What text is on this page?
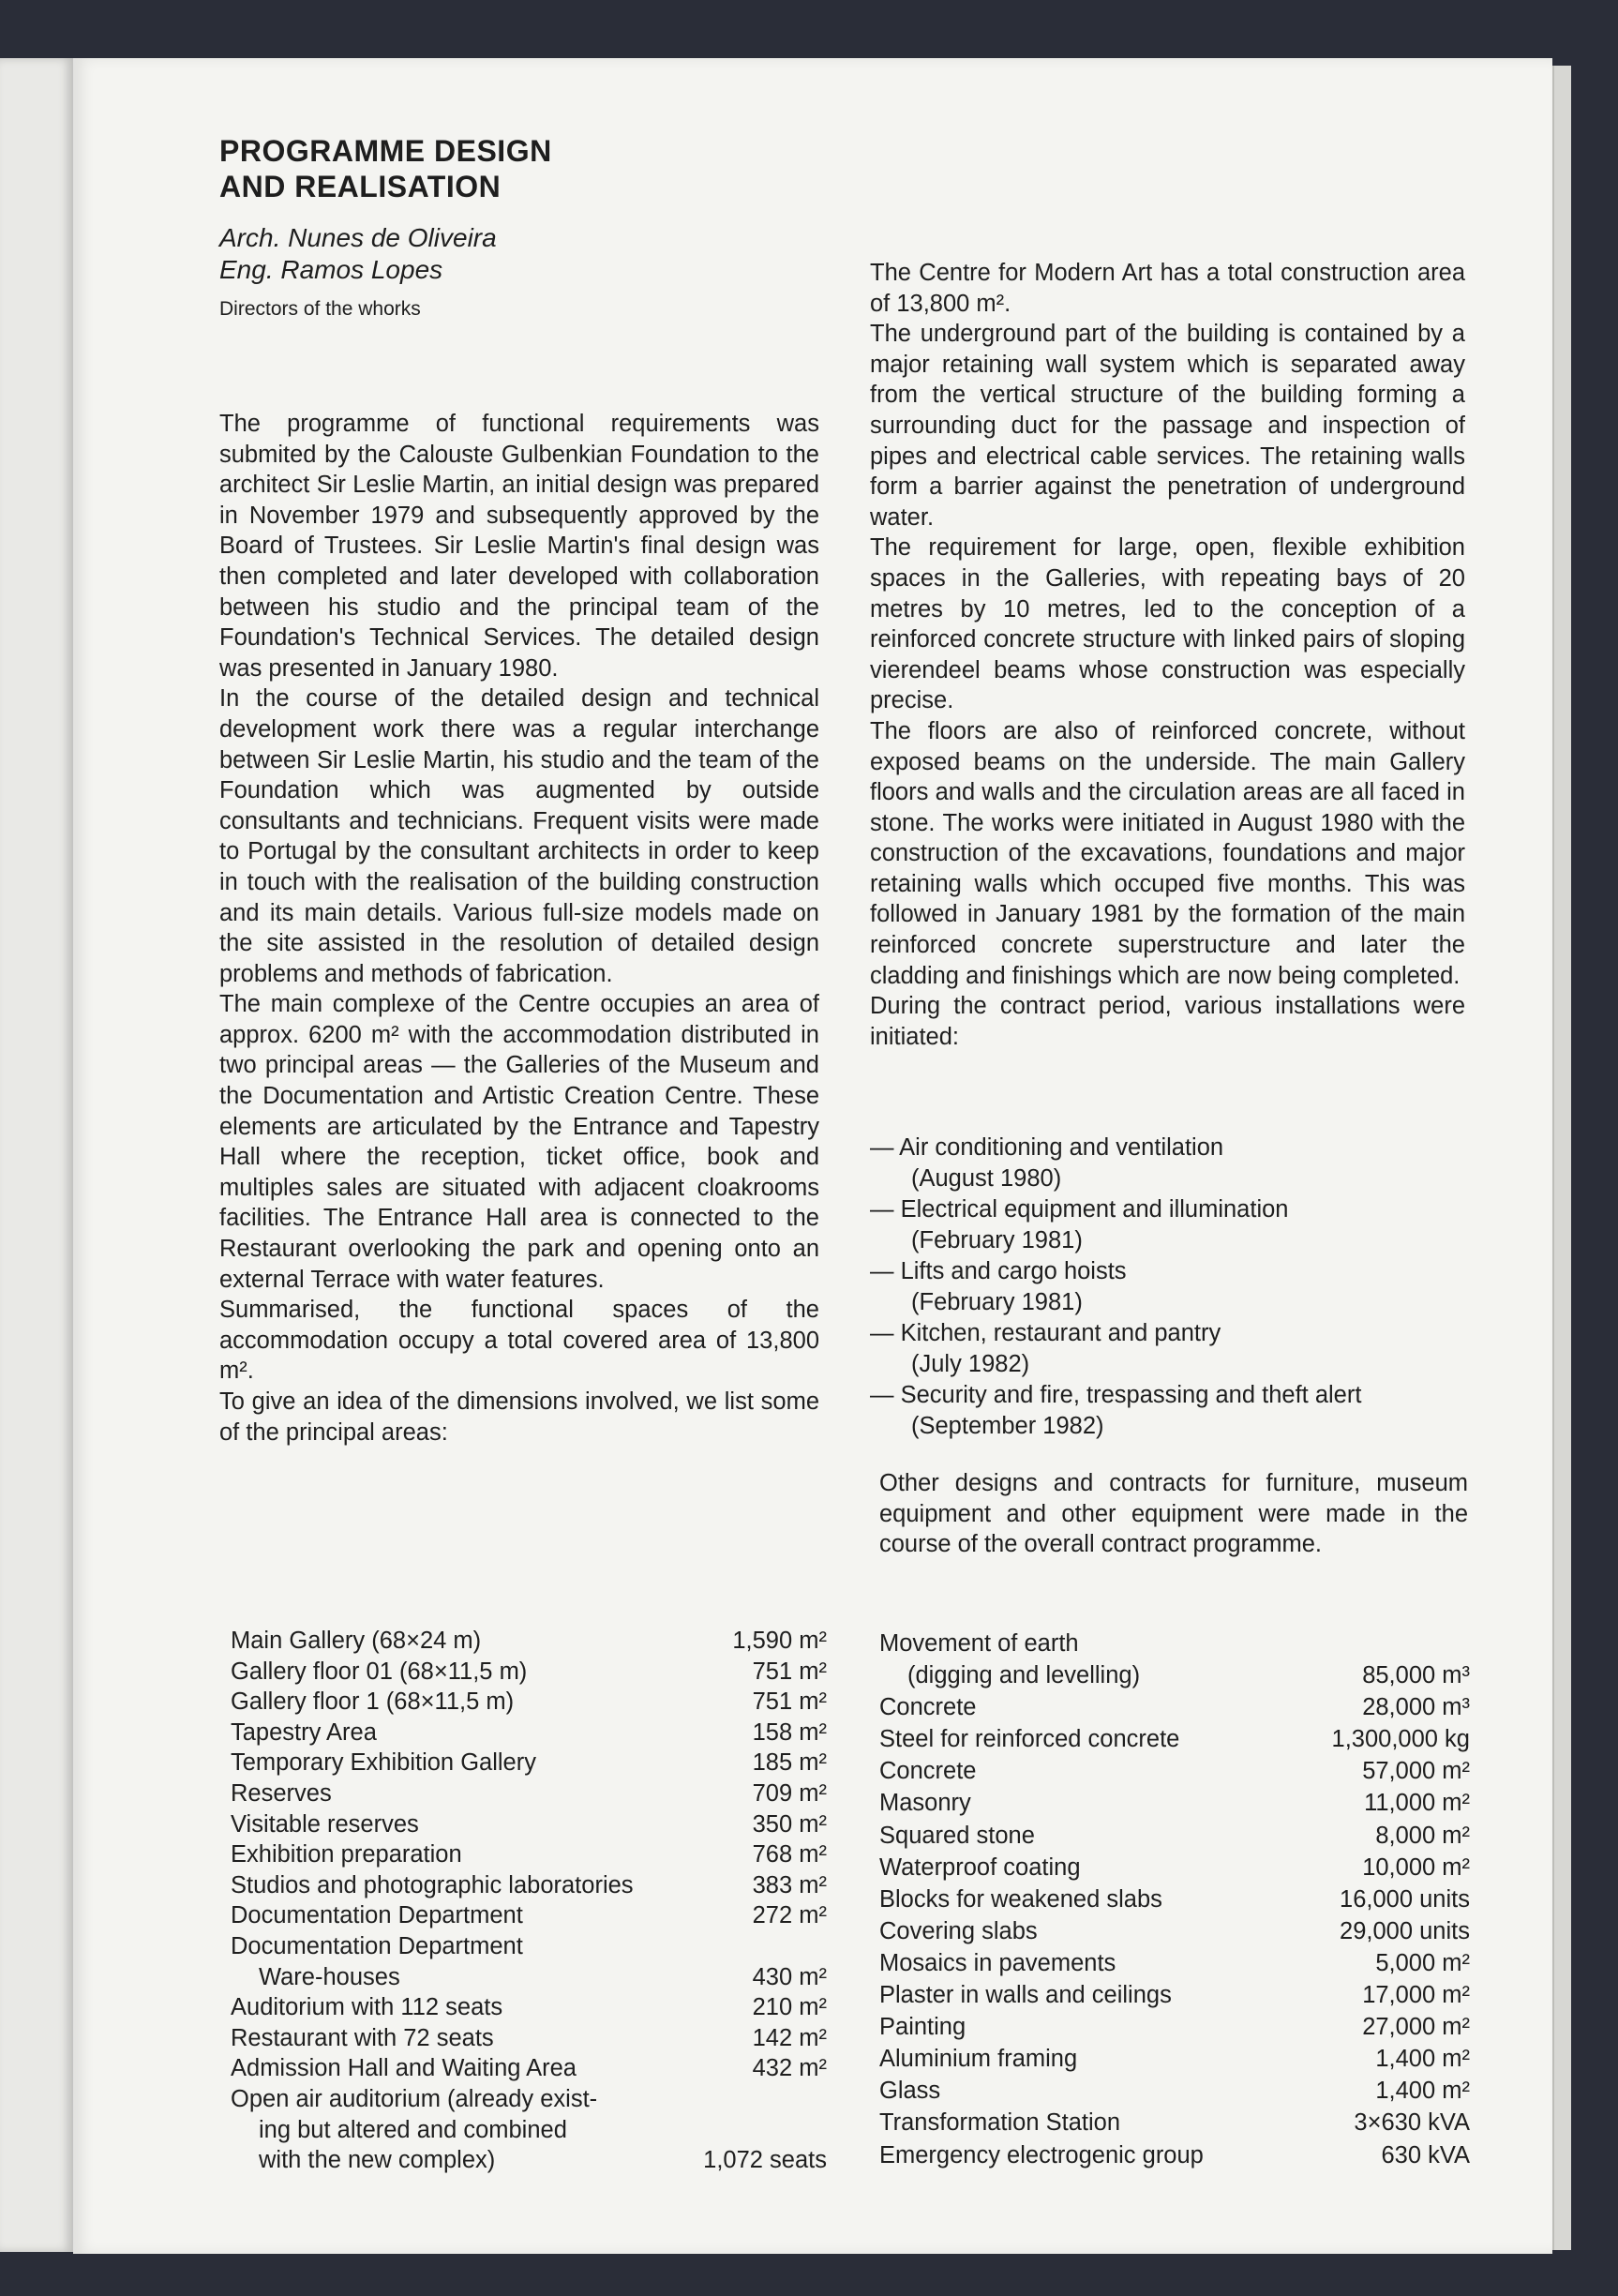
PROGRAMME DESIGN
AND REALISATION
Arch. Nunes de Oliveira
Eng. Ramos Lopes
Directors of the whorks

The programme of functional requirements was submited by the Calouste Gulbenkian Foundation to the architect Sir Leslie Martin, an initial design was prepared in November 1979 and subsequently approved by the Board of Trustees. Sir Leslie Martin's final design was then completed and later developed with collaboration between his studio and the principal team of the Foundation's Technical Services. The detailed design was presented in January 1980.

In the course of the detailed design and technical development work there was a regular interchange between Sir Leslie Martin, his studio and the team of the Foundation which was augmented by outside consultants and technicians. Frequent visits were made to Portugal by the consultant architects in order to keep in touch with the realisation of the building construction and its main details. Various full-size models made on the site assisted in the resolution of detailed design problems and methods of fabrication.

The main complexe of the Centre occupies an area of approx. 6200 m² with the accommodation distributed in two principal areas — the Galleries of the Museum and the Documentation and Artistic Creation Centre. These elements are articulated by the Entrance and Tapestry Hall where the reception, ticket office, book and multiples sales are situated with adjacent cloakrooms facilities. The Entrance Hall area is connected to the Restaurant overlooking the park and opening onto an external Terrace with water features.

Summarised, the functional spaces of the accommodation occupy a total covered area of 13,800 m².

To give an idea of the dimensions involved, we list some of the principal areas:

The Centre for Modern Art has a total construction area of 13,800 m².

The underground part of the building is contained by a major retaining wall system which is separated away from the vertical structure of the building forming a surrounding duct for the passage and inspection of pipes and electrical cable services. The retaining walls form a barrier against the penetration of underground water.

The requirement for large, open, flexible exhibition spaces in the Galleries, with repeating bays of 20 metres by 10 metres, led to the conception of a reinforced concrete structure with linked pairs of sloping vierendeel beams whose construction was especially precise.

The floors are also of reinforced concrete, without exposed beams on the underside. The main Gallery floors and walls and the circulation areas are all faced in stone. The works were initiated in August 1980 with the construction of the excavations, foundations and major retaining walls which occuped five months. This was followed in January 1981 by the formation of the main reinforced concrete superstructure and later the cladding and finishings which are now being completed.

During the contract period, various installations were initiated:

— Air conditioning and ventilation
(August 1980)
— Electrical equipment and illumination
(February 1981)
— Lifts and cargo hoists
(February 1981)
— Kitchen, restaurant and pantry
(July 1982)
— Security and fire, trespassing and theft alert
(September 1982)
Other designs and contracts for furniture, museum equipment and other equipment were made in the course of the overall contract programme.
Main Gallery (68×24 m)	1,590 m²
Gallery floor 01 (68×11,5 m)	751 m²
Gallery floor 1 (68×11,5 m)	751 m²
Tapestry Area	158 m²
Temporary Exhibition Gallery	185 m²
Reserves	709 m²
Visitable reserves	350 m²
Exhibition preparation	768 m²
Studios and photographic laboratories	383 m²
Documentation Department	272 m²
Documentation Department
Ware-houses	430 m²
Auditorium with 112 seats	210 m²
Restaurant with 72 seats	142 m²
Admission Hall and Waiting Area	432 m²
Open air auditorium (already exist-
ing but altered and combined
with the new complex)	1,072 seats
Movement of earth
(digging and levelling)	85,000 m³
Concrete	28,000 m³
Steel for reinforced concrete	1,300,000 kg
Concrete	57,000 m²
Masonry	11,000 m²
Squared stone	8,000 m²
Waterproof coating	10,000 m²
Blocks for weakened slabs	16,000 units
Covering slabs	29,000 units
Mosaics in pavements	5,000 m²
Plaster in walls and ceilings	17,000 m²
Painting	27,000 m²
Aluminium framing	1,400 m²
Glass	1,400 m²
Transformation Station	3×630 kVA
Emergency electrogenic group	630 kVA
